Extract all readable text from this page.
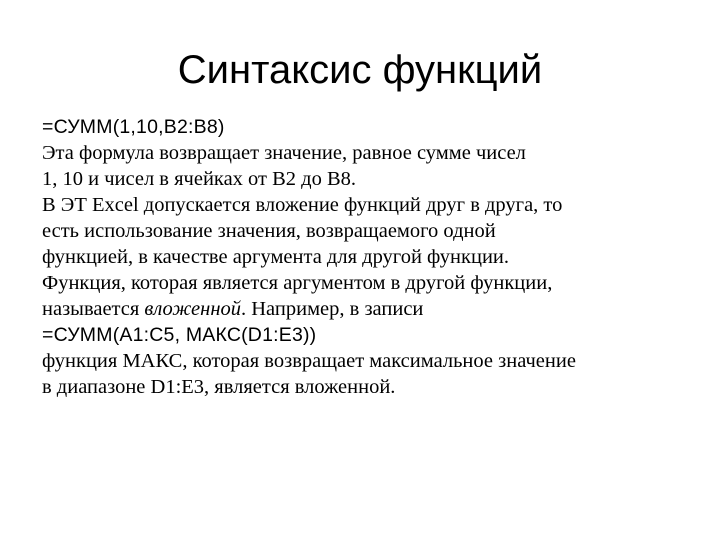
Синтаксис функций

=СУММ(1,10,B2:B8)

Эта формула возвращает значение, равное сумме чисел
1, 10 и чисел в ячейках от В2 до В8.

В ЭТ Excel допускается вложение функций друг в друга, то
есть использование значения, возвращаемого одной
функцией, в качестве аргумента для другой функции.
Функция, которая является аргументом в другой функции,
называется вложенной. Например, в записи

=СУММ(A1:C5, МАКС(D1:E3))

функция МАКС, которая возвращает максимальное значение
в диапазоне D1:E3, является вложенной.
